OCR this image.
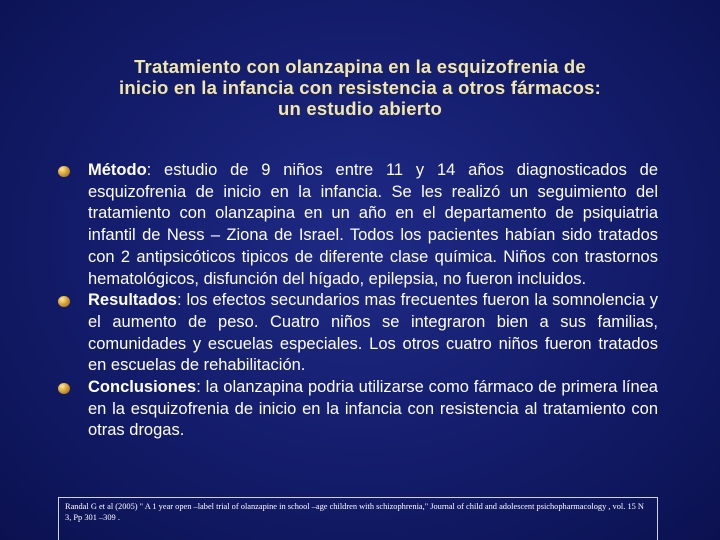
Tratamiento con olanzapina en la esquizofrenia de
inicio en la infancia con resistencia a otros fármacos:
un estudio abierto
Método: estudio de 9 niños entre 11 y 14 años diagnosticados de esquizofrenia de inicio en la infancia. Se les realizó un seguimiento del tratamiento con olanzapina en un año en el departamento de psiquiatria infantil de Ness – Ziona de Israel. Todos los pacientes habían sido tratados con 2 antipsicóticos tipicos de diferente clase química. Niños con trastornos hematológicos, disfunción del hígado, epilepsia, no fueron incluidos.
Resultados: los efectos secundarios mas frecuentes fueron la somnolencia y el aumento de peso. Cuatro niños se integraron bien a sus familias, comunidades y escuelas especiales. Los otros cuatro niños fueron tratados en escuelas de rehabilitación.
Conclusiones: la olanzapina podria utilizarse como fármaco de primera línea en la esquizofrenia de inicio en la infancia con resistencia al tratamiento con otras drogas.
Randal G et al (2005) " A 1 year open –label trial of olanzapine in school –age children with schizophrenia," Journal of child and adolescent psichopharmacology , vol. 15 N 3, Pp 301 –309 .
